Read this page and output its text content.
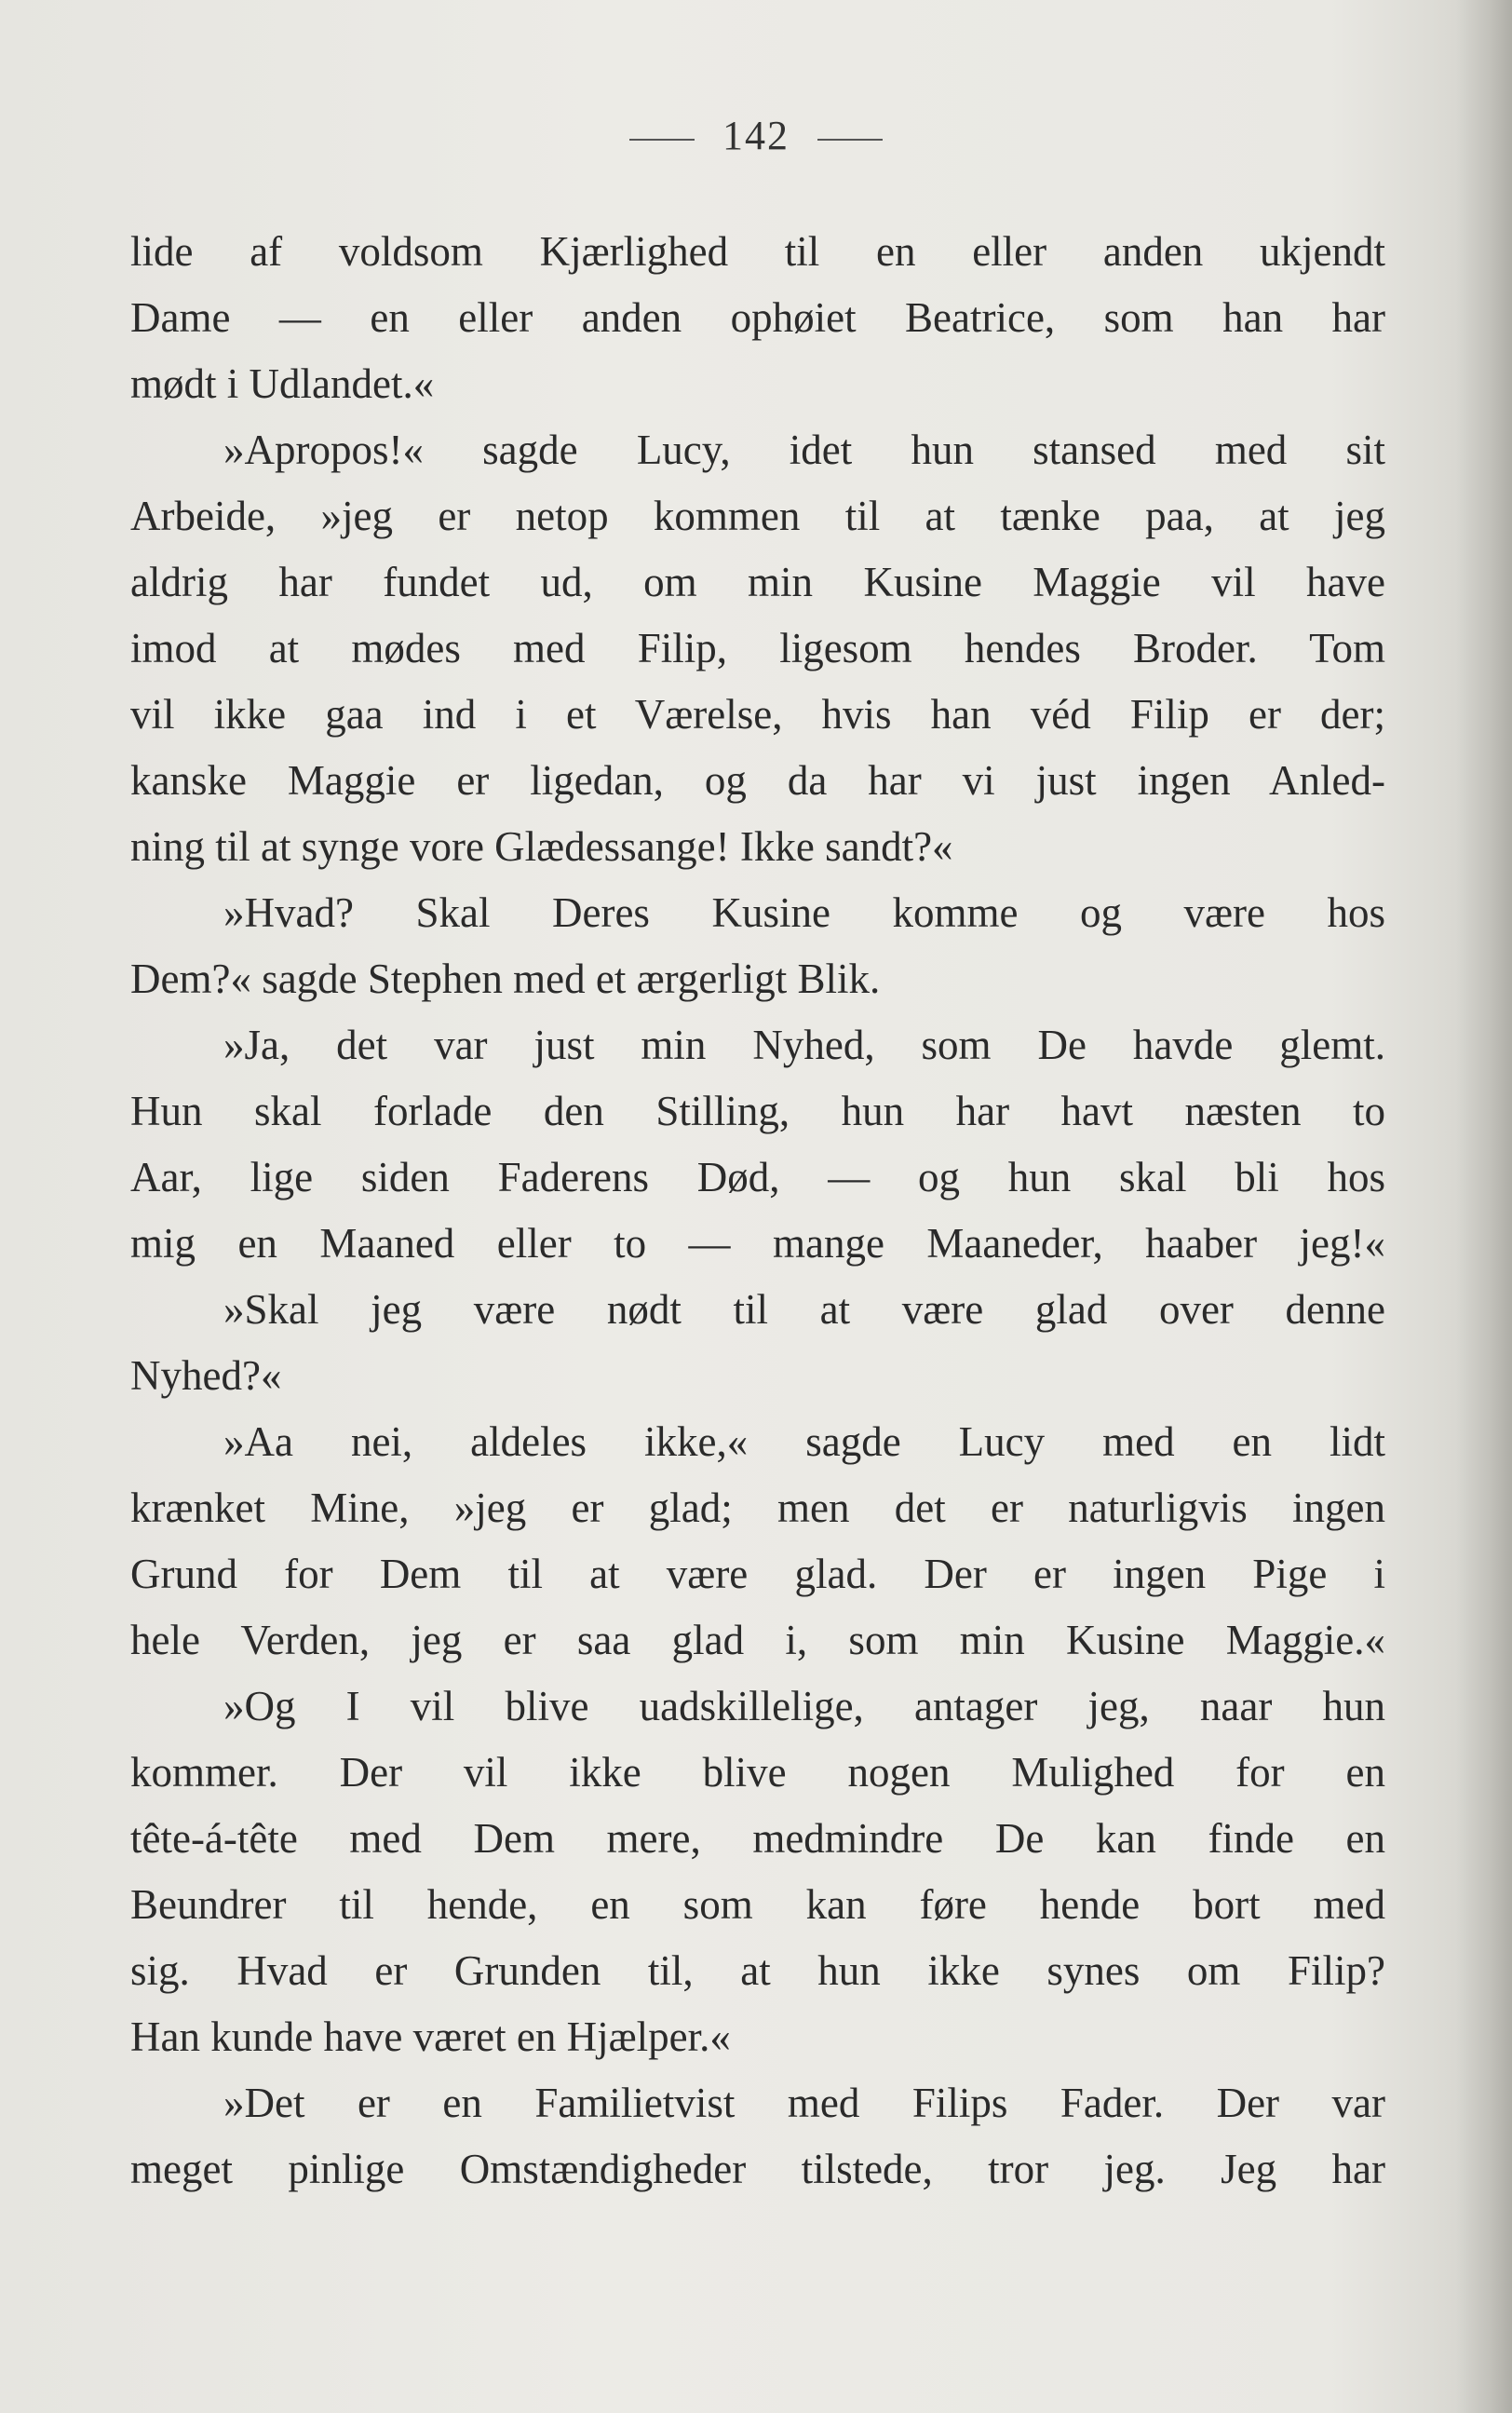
142
lide af voldsom Kjærlighed til en eller anden ukjendt
Dame — en eller anden ophøiet Beatrice, som han har
mødt i Udlandet.«
»Apropos!« sagde Lucy, idet hun stansed med sit
Arbeide, »jeg er netop kommen til at tænke paa, at jeg
aldrig har fundet ud, om min Kusine Maggie vil have
imod at mødes med Filip, ligesom hendes Broder. Tom
vil ikke gaa ind i et Værelse, hvis han véd Filip er der;
kanske Maggie er ligedan, og da har vi just ingen Anled-
ning til at synge vore Glædessange! Ikke sandt?«
»Hvad? Skal Deres Kusine komme og være hos
Dem?« sagde Stephen med et ærgerligt Blik.
»Ja, det var just min Nyhed, som De havde glemt.
Hun skal forlade den Stilling, hun har havt næsten to
Aar, lige siden Faderens Død, — og hun skal bli hos
mig en Maaned eller to — mange Maaneder, haaber jeg!«
»Skal jeg være nødt til at være glad over denne
Nyhed?«
»Aa nei, aldeles ikke,« sagde Lucy med en lidt
krænket Mine, »jeg er glad; men det er naturligvis ingen
Grund for Dem til at være glad. Der er ingen Pige i
hele Verden, jeg er saa glad i, som min Kusine Maggie.«
»Og I vil blive uadskillelige, antager jeg, naar hun
kommer. Der vil ikke blive nogen Mulighed for en
tête-á-tête med Dem mere, medmindre De kan finde en
Beundrer til hende, en som kan føre hende bort med
sig. Hvad er Grunden til, at hun ikke synes om Filip?
Han kunde have været en Hjælper.«
»Det er en Familietvist med Filips Fader. Der var
meget pinlige Omstændigheder tilstede, tror jeg. Jeg har
